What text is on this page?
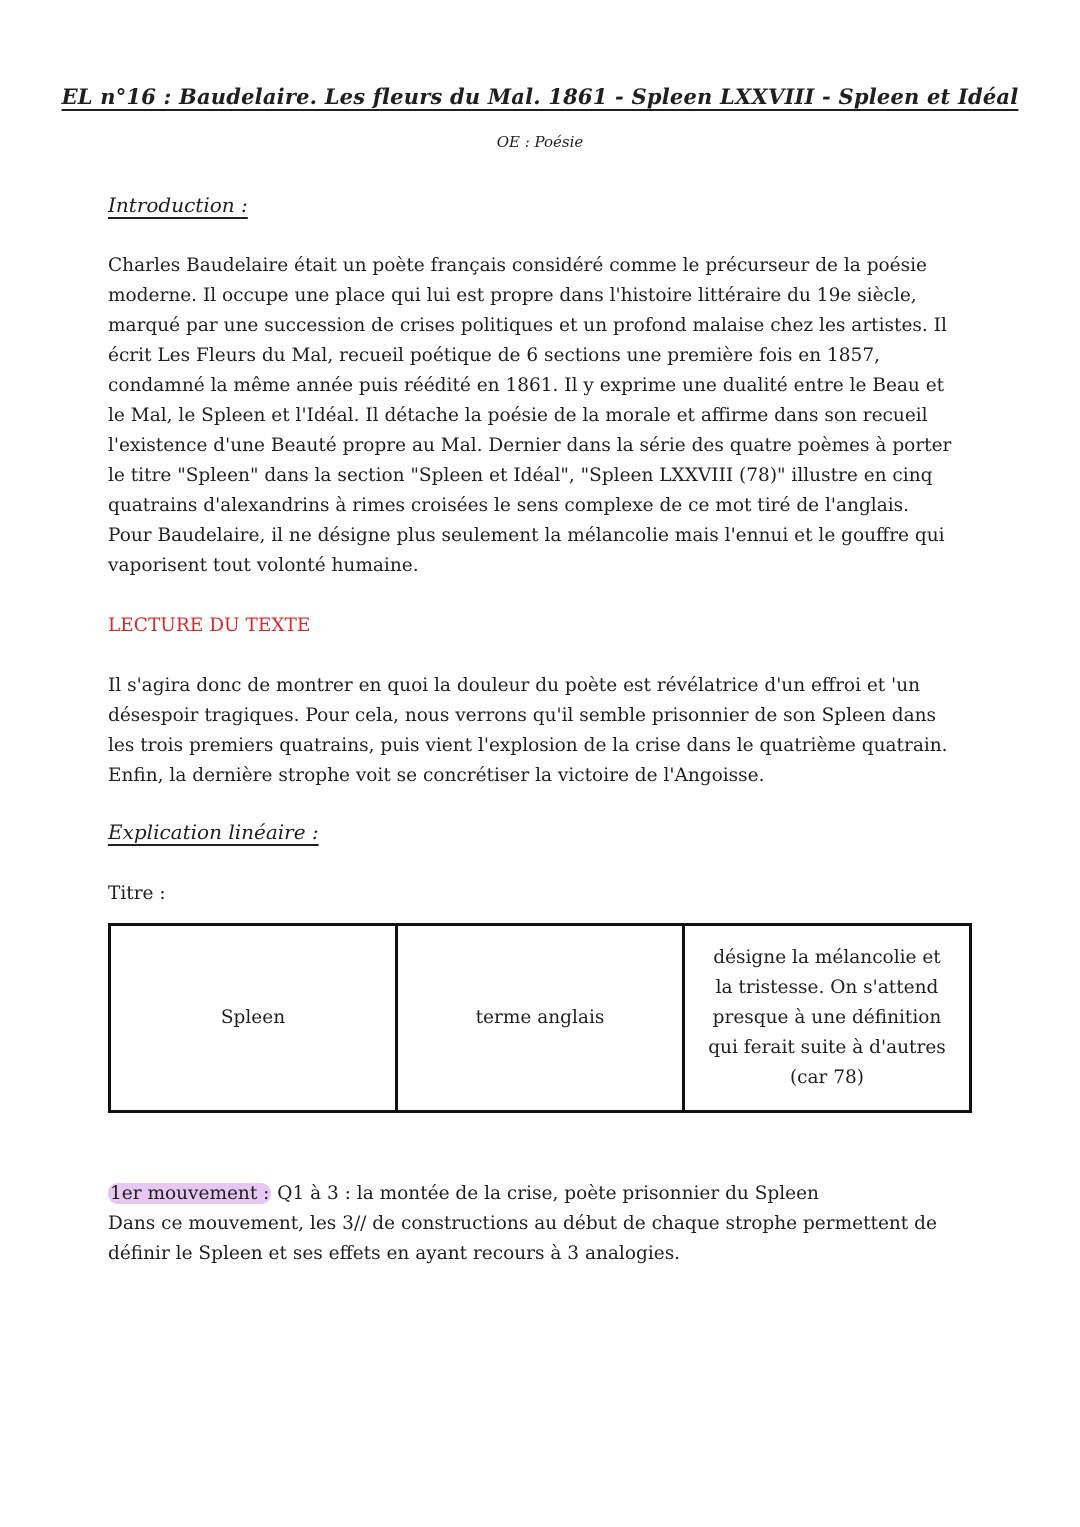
EL n°16 : Baudelaire. Les fleurs du Mal. 1861 - Spleen LXXVIII - Spleen et Idéal
OE : Poésie
Introduction :
Charles Baudelaire était un poète français considéré comme le précurseur de la poésie
moderne. Il occupe une place qui lui est propre dans l'histoire littéraire du 19e siècle,
marqué par une succession de crises politiques et un profond malaise chez les artistes. Il
écrit Les Fleurs du Mal, recueil poétique de 6 sections une première fois en 1857,
condamné la même année puis réédité en 1861. Il y exprime une dualité entre le Beau et
le Mal, le Spleen et l'Idéal. Il détache la poésie de la morale et affirme dans son recueil
l'existence d'une Beauté propre au Mal. Dernier dans la série des quatre poèmes à porter
le titre "Spleen" dans la section "Spleen et Idéal", "Spleen LXXVIII (78)" illustre en cinq
quatrains d'alexandrins à rimes croisées le sens complexe de ce mot tiré de l'anglais.
Pour Baudelaire, il ne désigne plus seulement la mélancolie mais l'ennui et le gouffre qui
vaporisent tout volonté humaine.
LECTURE DU TEXTE
Il s'agira donc de montrer en quoi la douleur du poète est révélatrice d'un effroi et 'un
désespoir tragiques. Pour cela, nous verrons qu'il semble prisonnier de son Spleen dans
les trois premiers quatrains, puis vient l'explosion de la crise dans le quatrième quatrain.
Enfin, la dernière strophe voit se concrétiser la victoire de l'Angoisse.
Explication linéaire :
Titre :
Spleen	terme anglais
désigne la mélancolie et
la tristesse. On s'attend
presque à une définition
qui ferait suite à d'autres
(car 78)
1er mouvement : Q1 à 3 : la montée de la crise, poète prisonnier du Spleen
Dans ce mouvement, les 3// de constructions au début de chaque strophe permettent de
définir le Spleen et ses effets en ayant recours à 3 analogies.
